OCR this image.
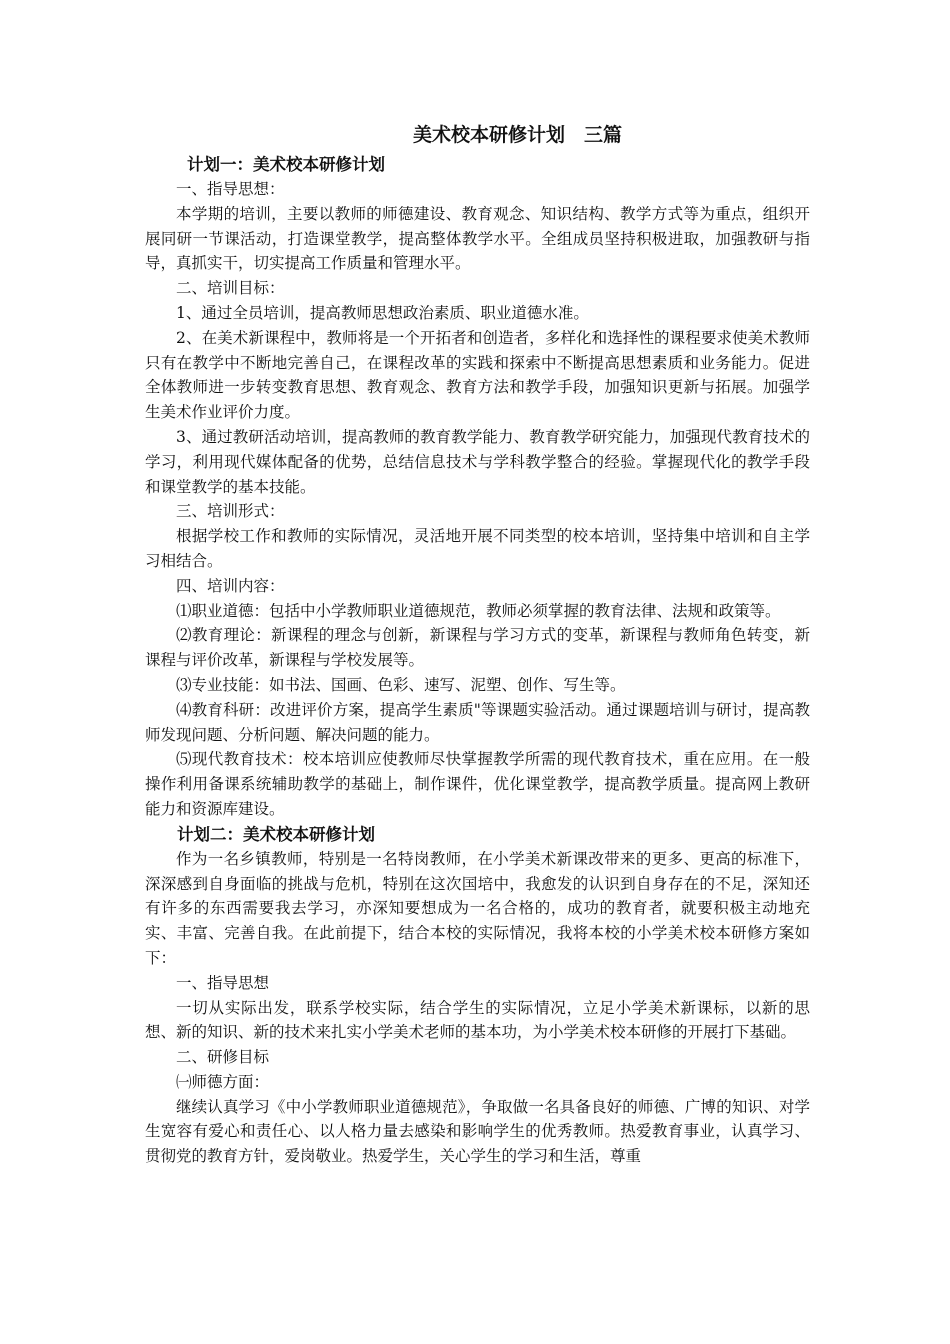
美术校本研修计划　三篇
计划一：美术校本研修计划

一、指导思想：

本学期的培训，主要以教师的师德建设、教育观念、知识结构、教学方式等为重点，组织开展同研一节课活动，打造课堂教学，提高整体教学水平。全组成员坚持积极进取，加强教研与指导，真抓实干，切实提高工作质量和管理水平。

二、培训目标：

1、通过全员培训，提高教师思想政治素质、职业道德水准。

2、在美术新课程中，教师将是一个开拓者和创造者，多样化和选择性的课程要求使美术教师只有在教学中不断地完善自己，在课程改革的实践和探索中不断提高思想素质和业务能力。促进全体教师进一步转变教育思想、教育观念、教育方法和教学手段，加强知识更新与拓展。加强学生美术作业评价力度。

3、通过教研活动培训，提高教师的教育教学能力、教育教学研究能力，加强现代教育技术的学习，利用现代媒体配备的优势，总结信息技术与学科教学整合的经验。掌握现代化的教学手段和课堂教学的基本技能。

三、培训形式：

根据学校工作和教师的实际情况，灵活地开展不同类型的校本培训，坚持集中培训和自主学习相结合。

四、培训内容：

⑴职业道德：包括中小学教师职业道德规范，教师必须掌握的教育法律、法规和政策等。

⑵教育理论：新课程的理念与创新，新课程与学习方式的变革，新课程与教师角色转变，新课程与评价改革，新课程与学校发展等。

⑶专业技能：如书法、国画、色彩、速写、泥塑、创作、写生等。

⑷教育科研：改进评价方案，提高学生素质"等课题实验活动。通过课题培训与研讨，提高教师发现问题、分析问题、解决问题的能力。

⑸现代教育技术：校本培训应使教师尽快掌握教学所需的现代教育技术，重在应用。在一般操作利用备课系统辅助教学的基础上，制作课件，优化课堂教学，提高教学质量。提高网上教研能力和资源库建设。

计划二：美术校本研修计划

作为一名乡镇教师，特别是一名特岗教师，在小学美术新课改带来的更多、更高的标准下，深深感到自身面临的挑战与危机，特别在这次国培中，我愈发的认识到自身存在的不足，深知还有许多的东西需要我去学习，亦深知要想成为一名合格的，成功的教育者，就要积极主动地充实、丰富、完善自我。在此前提下，结合本校的实际情况，我将本校的小学美术校本研修方案如下：

一、指导思想

一切从实际出发，联系学校实际，结合学生的实际情况，立足小学美术新课标，以新的思想、新的知识、新的技术来扎实小学美术老师的基本功，为小学美术校本研修的开展打下基础。

二、研修目标

㈠师德方面：

继续认真学习《中小学教师职业道德规范》，争取做一名具备良好的师德、广博的知识、对学生宽容有爱心和责任心、以人格力量去感染和影响学生的优秀教师。热爱教育事业，认真学习、贯彻党的教育方针，爱岗敬业。热爱学生，关心学生的学习和生活，尊重
